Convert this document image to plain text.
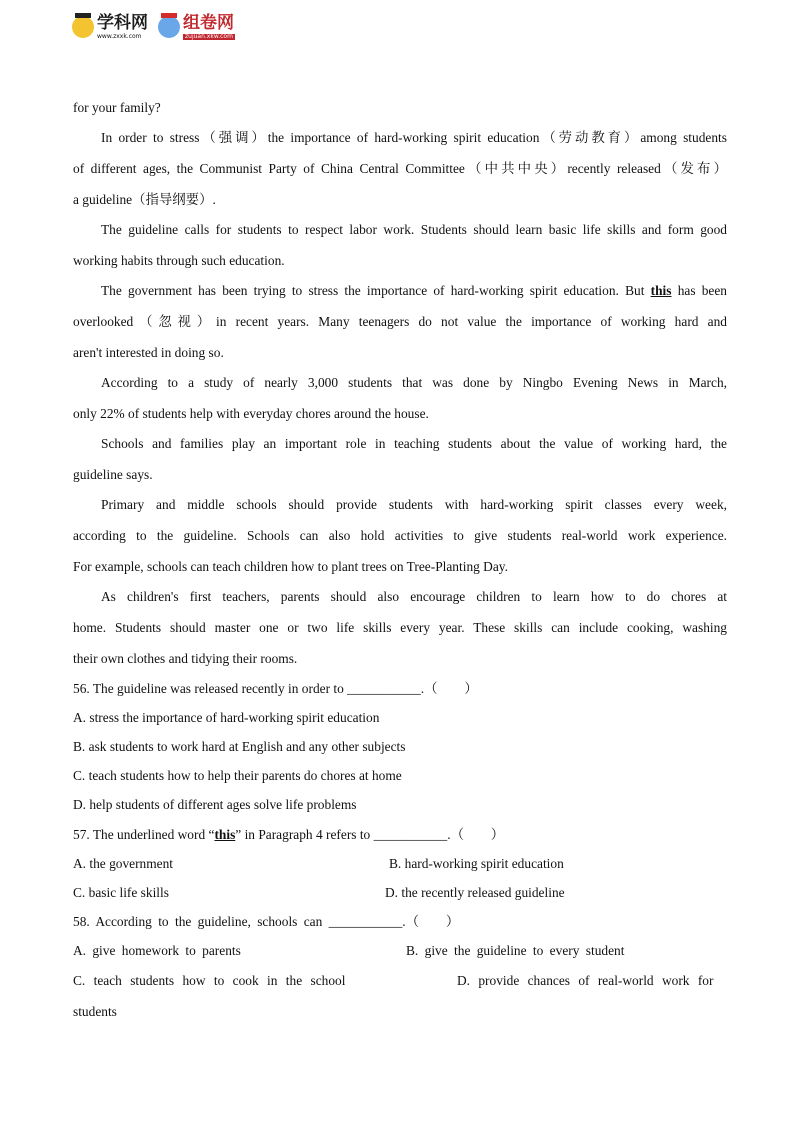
学科网
www.zxxk.com
组卷网
zujuan.xkw.com
for your family?
In order to stress（强调）the importance of hard-working spirit education（劳动教育）among students
of different ages, the Communist Party of China Central Committee（中共中央）recently released（发布）
a guideline（指导纲要）.
The guideline calls for students to respect labor work. Students should learn basic life skills and form good
working habits through such education.
The government has been trying to stress the importance of hard-working spirit education. But this has been
overlooked（忽视）in recent years. Many teenagers do not value the importance of working hard and
aren't interested in doing so.
According to a study of nearly 3,000 students that was done by Ningbo Evening News in March,
only 22% of students help with everyday chores around the house.
Schools and families play an important role in teaching students about the value of working hard, the
guideline says.
Primary and middle schools should provide students with hard-working spirit classes every week,
according to the guideline. Schools can also hold activities to give students real-world work experience.
For example, schools can teach children how to plant trees on Tree-Planting Day.
As children's first teachers, parents should also encourage children to learn how to do chores at
home. Students should master one or two life skills every year. These skills can include cooking, washing
their own clothes and tidying their rooms.
56. The guideline was released recently in order to ___________.（　　）
A. stress the importance of hard-working spirit education
B. ask students to work hard at English and any other subjects
C. teach students how to help their parents do chores at home
D. help students of different ages solve life problems
57. The underlined word “this” in Paragraph 4 refers to ___________.（　　）
A. the government	B. hard-working spirit education
C. basic life skills	D. the recently released guideline
58. According to the guideline, schools can ___________.（　　）
A. give homework to parents	B. give the guideline to every student
C. teach students how to cook in the school	D. provide chances of real-world work for
students
